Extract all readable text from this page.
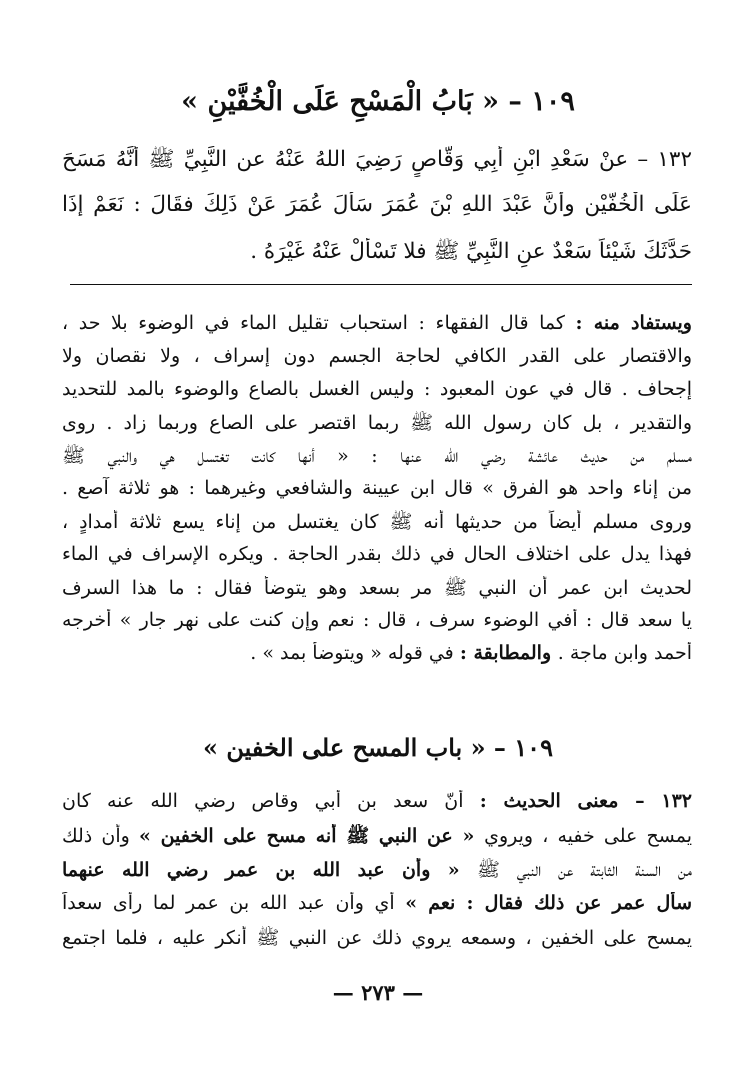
١٠٩ – « بَابُ الْمَسْحِ عَلَى الْخُفَّيْنِ »
١٣٢ – عنْ سَعْدِ ابْنِ أَبِي وَقَّاصٍ رَضِيَ اللهُ عَنْهُ عن النَّبِيِّ ﷺ أَنَّهُ مَسَحَ
عَلَى الْخُفَّيْنِ وأَنَّ عَبْدَ اللهِ بْنَ عُمَرَ سَأَلَ عُمَرَ عَنْ ذَلِكَ فقَالَ : نَعَمْ إِذَا
حَدَّثَكَ شَيْئاً سَعْدٌ عنِ النَّبِيِّ ﷺ فلا تَسْأَلْ عَنْهُ غَيْرَهُ .
ويستفاد منه : كما قال الفقهاء : استحباب تقليل الماء في الوضوء بلا حد ،
والاقتصار على القدر الكافي لحاجة الجسم دون إسراف ، ولا نقصان ولا
إجحاف . قال في عون المعبود : وليس الغسل بالصاع والوضوء بالمد للتحديد
والتقدير ، بل كان رسول الله ﷺ ربما اقتصر على الصاع وربما زاد . روى
مسلم من حديث عائشة رضي الله عنها : « أنها كانت تغتسل هي والنبي ﷺ
من إناء واحد هو الفرق » قال ابن عيينة والشافعي وغيرهما : هو ثلاثة آصع .
وروى مسلم أيضاً من حديثها أنه ﷺ كان يغتسل من إناء يسع ثلاثة أمدادٍ ،
فهذا يدل على اختلاف الحال في ذلك بقدر الحاجة . ويكره الإسراف في الماء
لحديث ابن عمر أن النبي ﷺ مر بسعد وهو يتوضأ فقال : ما هذا السرف
يا سعد قال : أفي الوضوء سرف ، قال : نعم وإن كنت على نهر جار » أخرجه
أحمد وابن ماجة . والمطابقة : في قوله « ويتوضأ بمد » .
١٠٩ – « باب المسح على الخفين »
١٣٢ – معنى الحديث : أنّ سعد بن أبي وقاص رضي الله عنه كان
يمسح على خفيه ، ويروي « عن النبي ﷺ أنه مسح على الخفين » وأن ذلك
من السنة الثابتة عن النبي ﷺ « وأن عبد الله بن عمر رضي الله عنهما
سأل عمر عن ذلك فقال : نعم » أي وأن عبد الله بن عمر لما رأى سعداً
يمسح على الخفين ، وسمعه يروي ذلك عن النبي ﷺ أنكر عليه ، فلما اجتمع
— ٢٧٣ —
